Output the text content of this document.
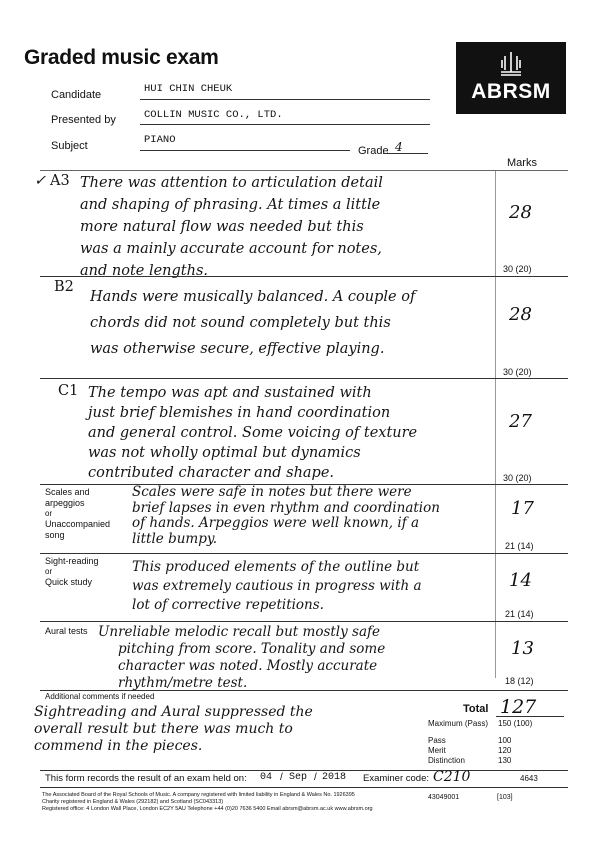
Graded music exam
ABRSM
Candidate	HUI CHIN CHEUK
Presented by	COLLIN MUSIC CO., LTD.
Subject	PIANO
Grade 4
Marks
✓ A3 There was attention to articulation detail
and shaping of phrasing. At times a little
more natural flow was needed but this
was a mainly accurate account for notes,
and note lengths.
28
30 (20)
B2
Hands were musically balanced. A couple of
chords did not sound completely but this
was otherwise secure, effective playing.
28
30 (20)
C1 The tempo was apt and sustained with
just brief blemishes in hand coordination
and general control. Some voicing of texture
was not wholly optimal but dynamics
contributed character and shape.
27
30 (20)
Scales and arpeggios
or
Unaccompanied
song
Scales were safe in notes but there were
brief lapses in even rhythm and coordination
of hands. Arpeggios were well known, if a
little bumpy.
17
21 (14)
Sight-reading
or
Quick study
This produced elements of the outline but
was extremely cautious in progress with a
lot of corrective repetitions.
14
21 (14)
Aural tests Unreliable melodic recall but mostly safe
pitching from score. Tonality and some
character was noted. Mostly accurate
rhythm/metre test.
13
18 (12)
Additional comments if needed
Sightreading and Aural suppressed the
overall result but there was much to
commend in the pieces.
Total 127
Maximum (Pass) 150 (100)
Pass	100
Merit	120
Distinction	130
This form records the result of an exam held on: 04 / Sep / 2018 Examiner code: C210	4643
The Associated Board of the Royal Schools of Music. A company registered with limited liability in England & Wales No. 1926395
Charity registered in England & Wales (292182) and Scotland (SC043313)
Registered office: 4 London Wall Place, London EC2Y 5AU Telephone +44 (0)20 7636 5400 Email abrsm@abrsm.ac.uk www.abrsm.org
43049001	[103]
